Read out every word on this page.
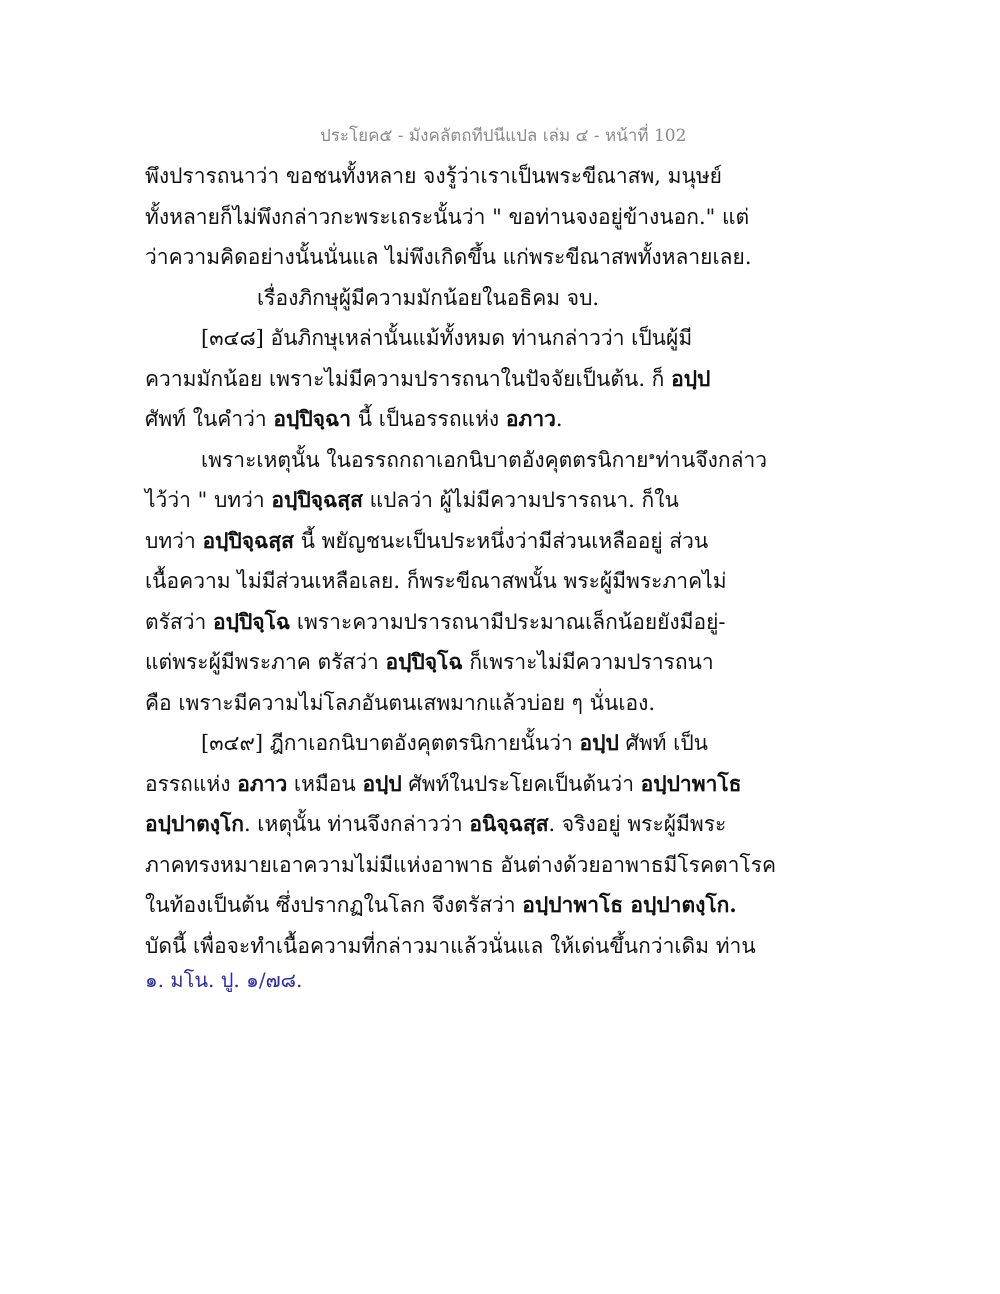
ประโยค๕ - มังคลัตถทีปนีแปล เล่ม ๔ - หน้าที่ 102
พึงปรารถนาว่า ขอชนทั้งหลาย จงรู้ว่าเราเป็นพระขีณาสพ, มนุษย์
ทั้งหลายก็ไม่พึงกล่าวกะพระเถระนั้นว่า " ขอท่านจงอยู่ข้างนอก." แต่
ว่าความคิดอย่างนั้นนั่นแล ไม่พึงเกิดขึ้น แก่พระขีณาสพทั้งหลายเลย.
เรื่องภิกษุผู้มีความมักน้อยในอธิคม จบ.
[๓๔๘] อันภิกษุเหล่านั้นแม้ทั้งหมด ท่านกล่าวว่า เป็นผู้มี
ความมักน้อย เพราะไม่มีความปรารถนาในปัจจัยเป็นต้น. ก็ อปฺป
ศัพท์ ในคำว่า อปฺปิจฺฉา นี้ เป็นอรรถแห่ง อภาว.
เพราะเหตุนั้น ในอรรถกถาเอกนิบาตอังคุตตรนิกาย$^๑$ท่านจึงกล่าว
ไว้ว่า " บทว่า อปฺปิจฺฉสฺส แปลว่า ผู้ไม่มีความปรารถนา. ก็ใน
บทว่า อปฺปิจฺฉสฺส นี้ พยัญชนะเป็นประหนึ่งว่ามีส่วนเหลืออยู่ ส่วน
เนื้อความ ไม่มีส่วนเหลือเลย. ก็พระขีณาสพนั้น พระผู้มีพระภาคไม่
ตรัสว่า อปฺปิจฺโฉ เพราะความปรารถนามีประมาณเล็กน้อยยังมีอยู่-
แต่พระผู้มีพระภาค ตรัสว่า อปฺปิจฺโฉ ก็เพราะไม่มีความปรารถนา
คือ เพราะมีความไม่โลภอันตนเสพมากแล้วบ่อย ๆ นั่นเอง.
[๓๔๙] ฎีกาเอกนิบาตอังคุตตรนิกายนั้นว่า อปฺป ศัพท์ เป็น
อรรถแห่ง อภาว เหมือน อปฺป ศัพท์ในประโยคเป็นต้นว่า อปฺปาพาโธ
อปฺปาตงฺโก. เหตุนั้น ท่านจึงกล่าวว่า อนิจฺฉสฺส. จริงอยู่ พระผู้มีพระ
ภาคทรงหมายเอาความไม่มีแห่งอาพาธ อันต่างด้วยอาพาธมีโรคตาโรค
ในท้องเป็นต้น ซึ่งปรากฏในโลก จึงตรัสว่า อปฺปาพาโธ อปฺปาตงฺโก.
บัดนี้ เพื่อจะทำเนื้อความที่กล่าวมาแล้วนั่นแล ให้เด่นขึ้นกว่าเดิม ท่าน
๑. มโน. ปู. ๑/๗๘.
